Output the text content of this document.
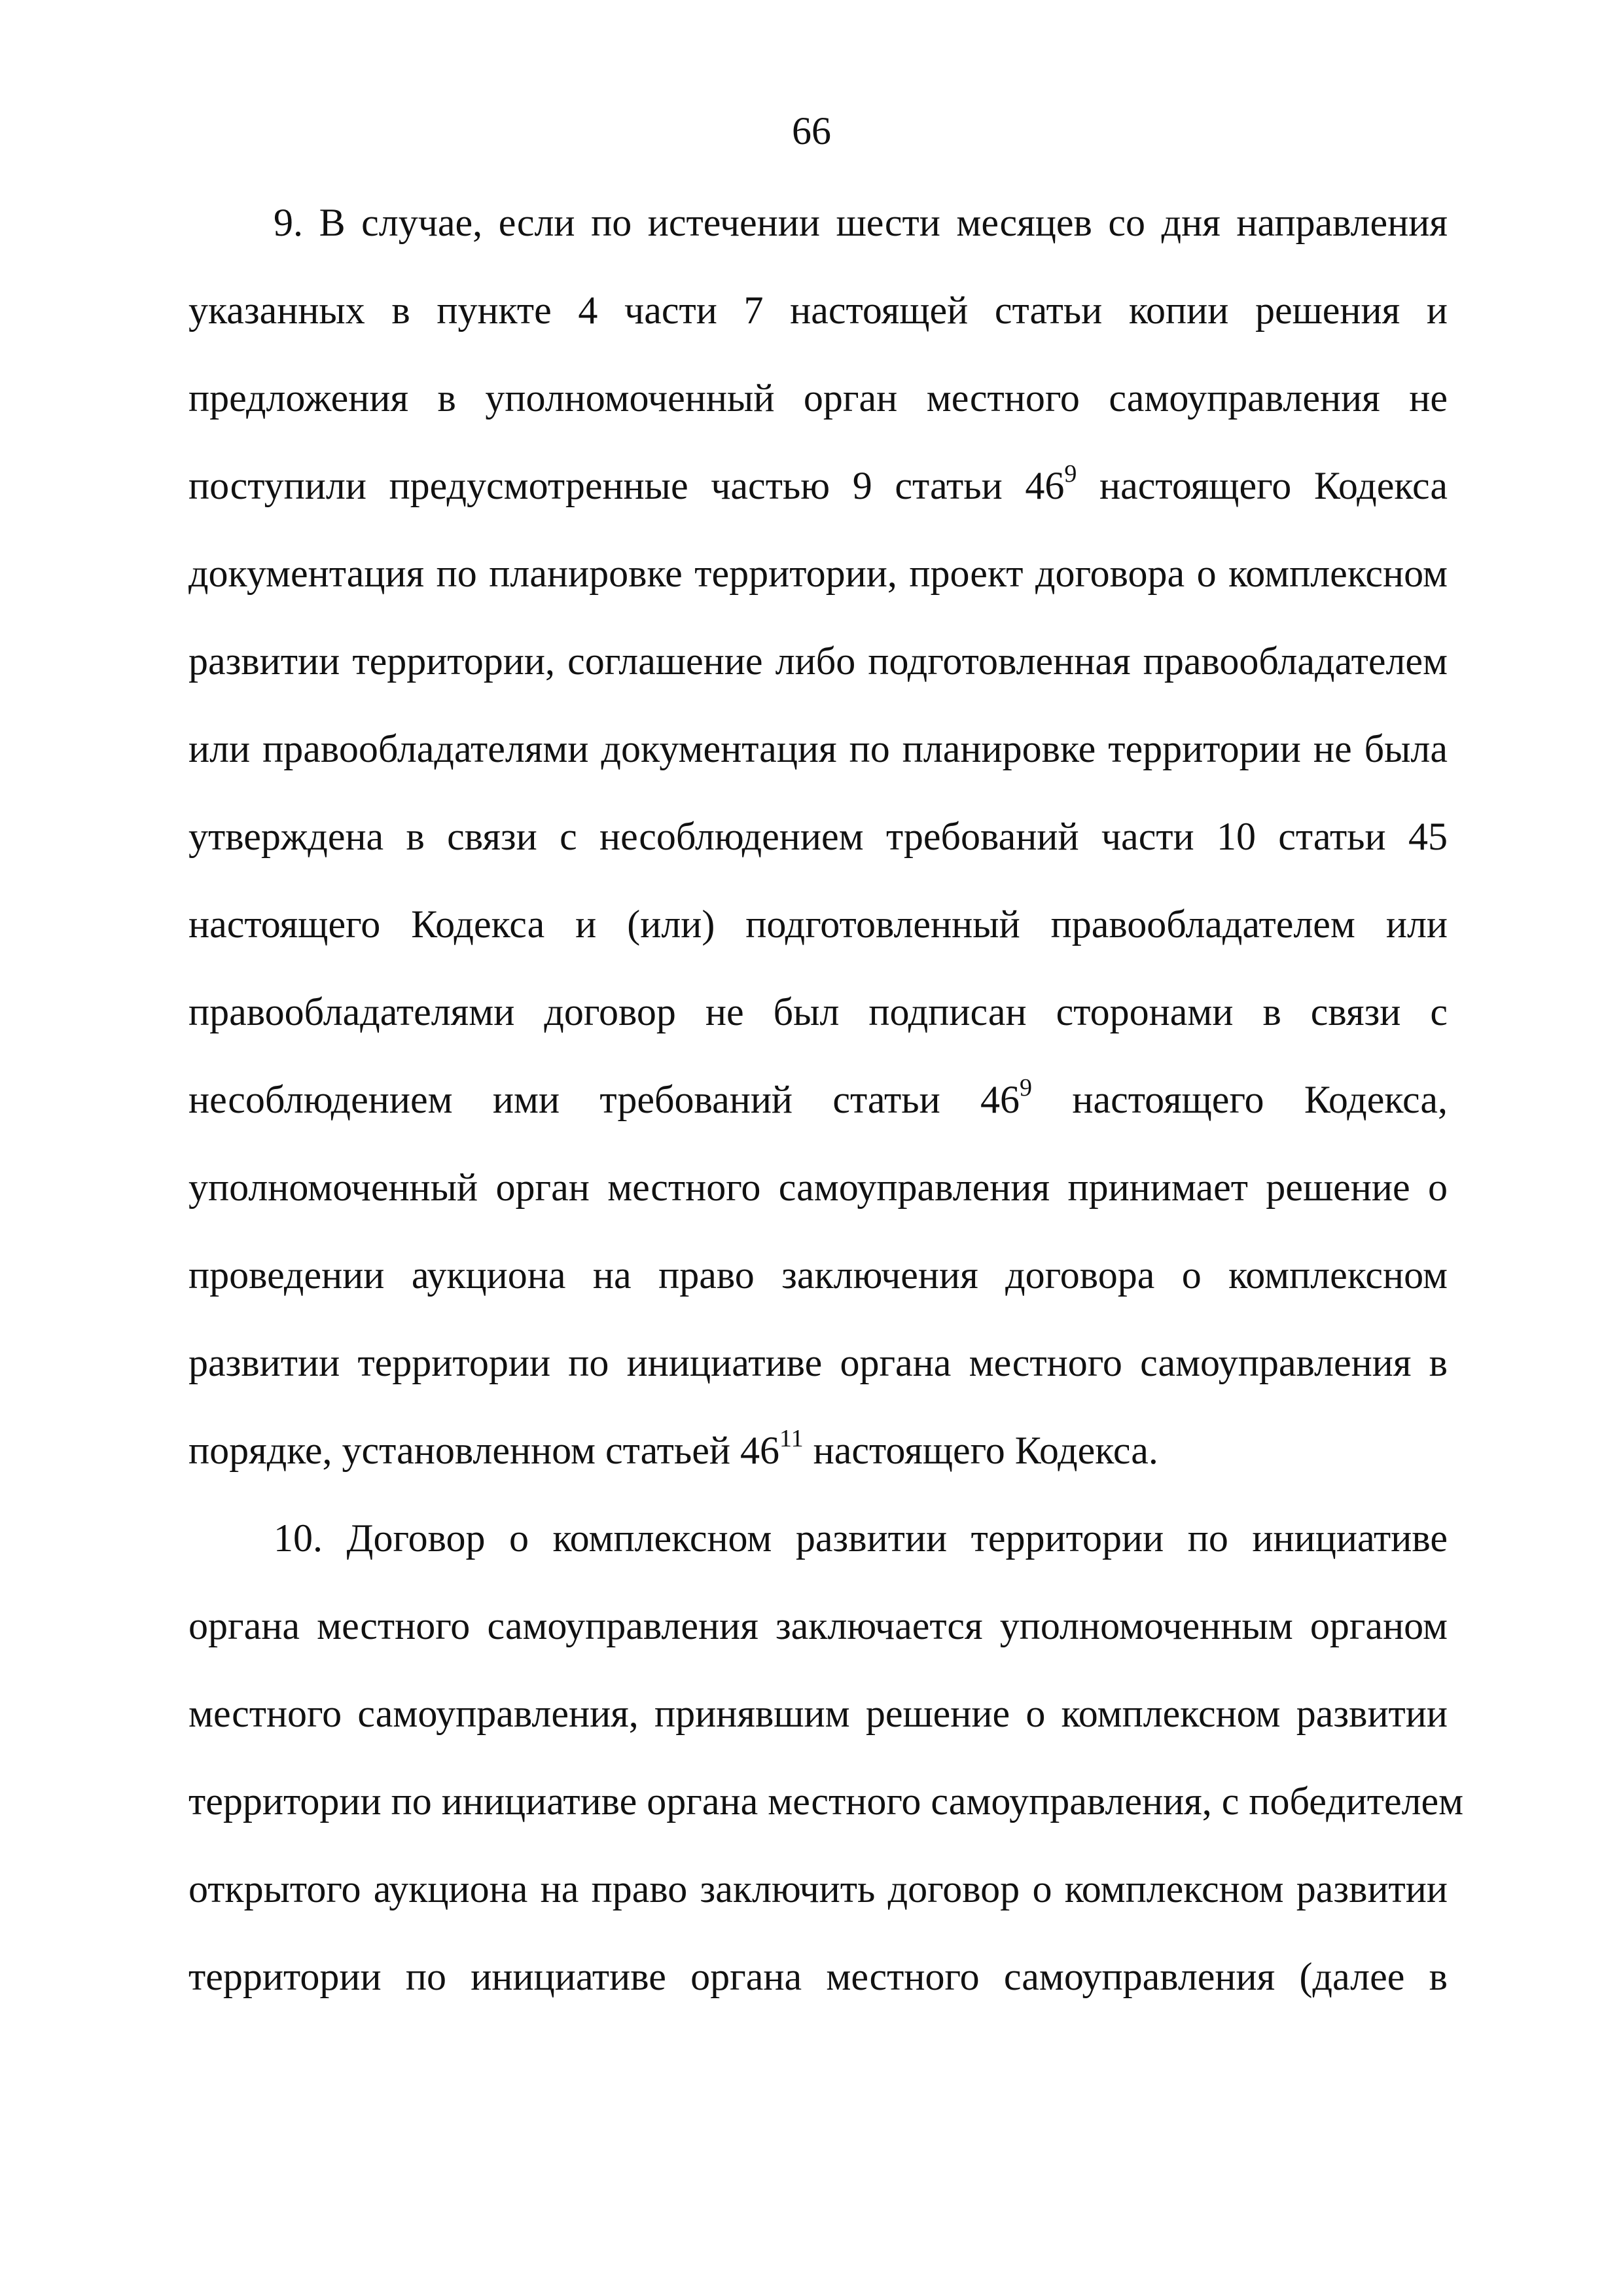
66
9. В случае, если по истечении шести месяцев со дня направления
указанных в пункте 4 части 7 настоящей статьи копии решения и
предложения в уполномоченный орган местного самоуправления не
поступили предусмотренные частью 9 статьи $46^9$ настоящего Кодекса
документация по планировке территории, проект договора о комплексном
развитии территории, соглашение либо подготовленная правообладателем
или правообладателями документация по планировке территории не была
утверждена в связи с несоблюдением требований части 10 статьи 45
настоящего Кодекса и (или) подготовленный правообладателем или
правообладателями договор не был подписан сторонами в связи с
несоблюдением ими требований статьи $46^9$ настоящего Кодекса,
уполномоченный орган местного самоуправления принимает решение о
проведении аукциона на право заключения договора о комплексном
развитии территории по инициативе органа местного самоуправления в
порядке, установленном статьей $46^{11}$ настоящего Кодекса.
10. Договор о комплексном развитии территории по инициативе
органа местного самоуправления заключается уполномоченным органом
местного самоуправления, принявшим решение о комплексном развитии
территории по инициативе органа местного самоуправления, с победителем
открытого аукциона на право заключить договор о комплексном развитии
территории по инициативе органа местного самоуправления (далее в
